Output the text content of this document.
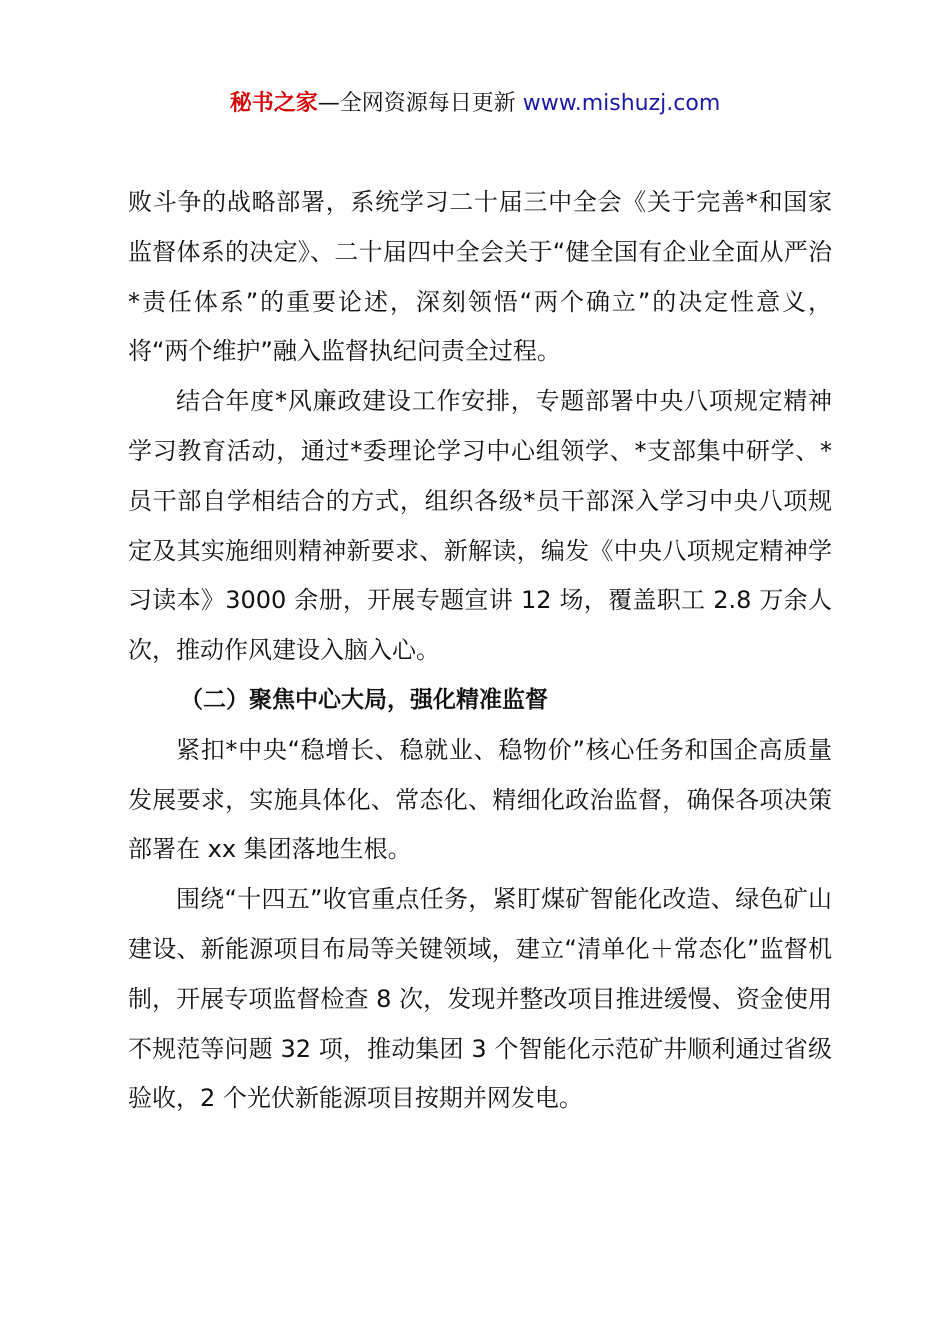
秘书之家—全网资源每日更新 www.mishuzj.com

败斗争的战略部署，系统学习二十届三中全会《关于完善*和国家监督体系的决定》、二十届四中全会关于“健全国有企业全面从严治*责任体系”的重要论述，深刻领悟“两个确立”的决定性意义，将“两个维护”融入监督执纪问责全过程。

结合年度*风廉政建设工作安排，专题部署中央八项规定精神学习教育活动，通过*委理论学习中心组领学、*支部集中研学、*员干部自学相结合的方式，组织各级*员干部深入学习中央八项规定及其实施细则精神新要求、新解读，编发《中央八项规定精神学习读本》3000 余册，开展专题宣讲 12 场，覆盖职工 2.8 万余人次，推动作风建设入脑入心。

（二）聚焦中心大局，强化精准监督

紧扣*中央“稳增长、稳就业、稳物价”核心任务和国企高质量发展要求，实施具体化、常态化、精细化政治监督，确保各项决策部署在 xx 集团落地生根。

围绕“十四五”收官重点任务，紧盯煤矿智能化改造、绿色矿山建设、新能源项目布局等关键领域，建立“清单化＋常态化”监督机制，开展专项监督检查 8 次，发现并整改项目推进缓慢、资金使用不规范等问题 32 项，推动集团 3 个智能化示范矿井顺利通过省级验收，2 个光伏新能源项目按期并网发电。
